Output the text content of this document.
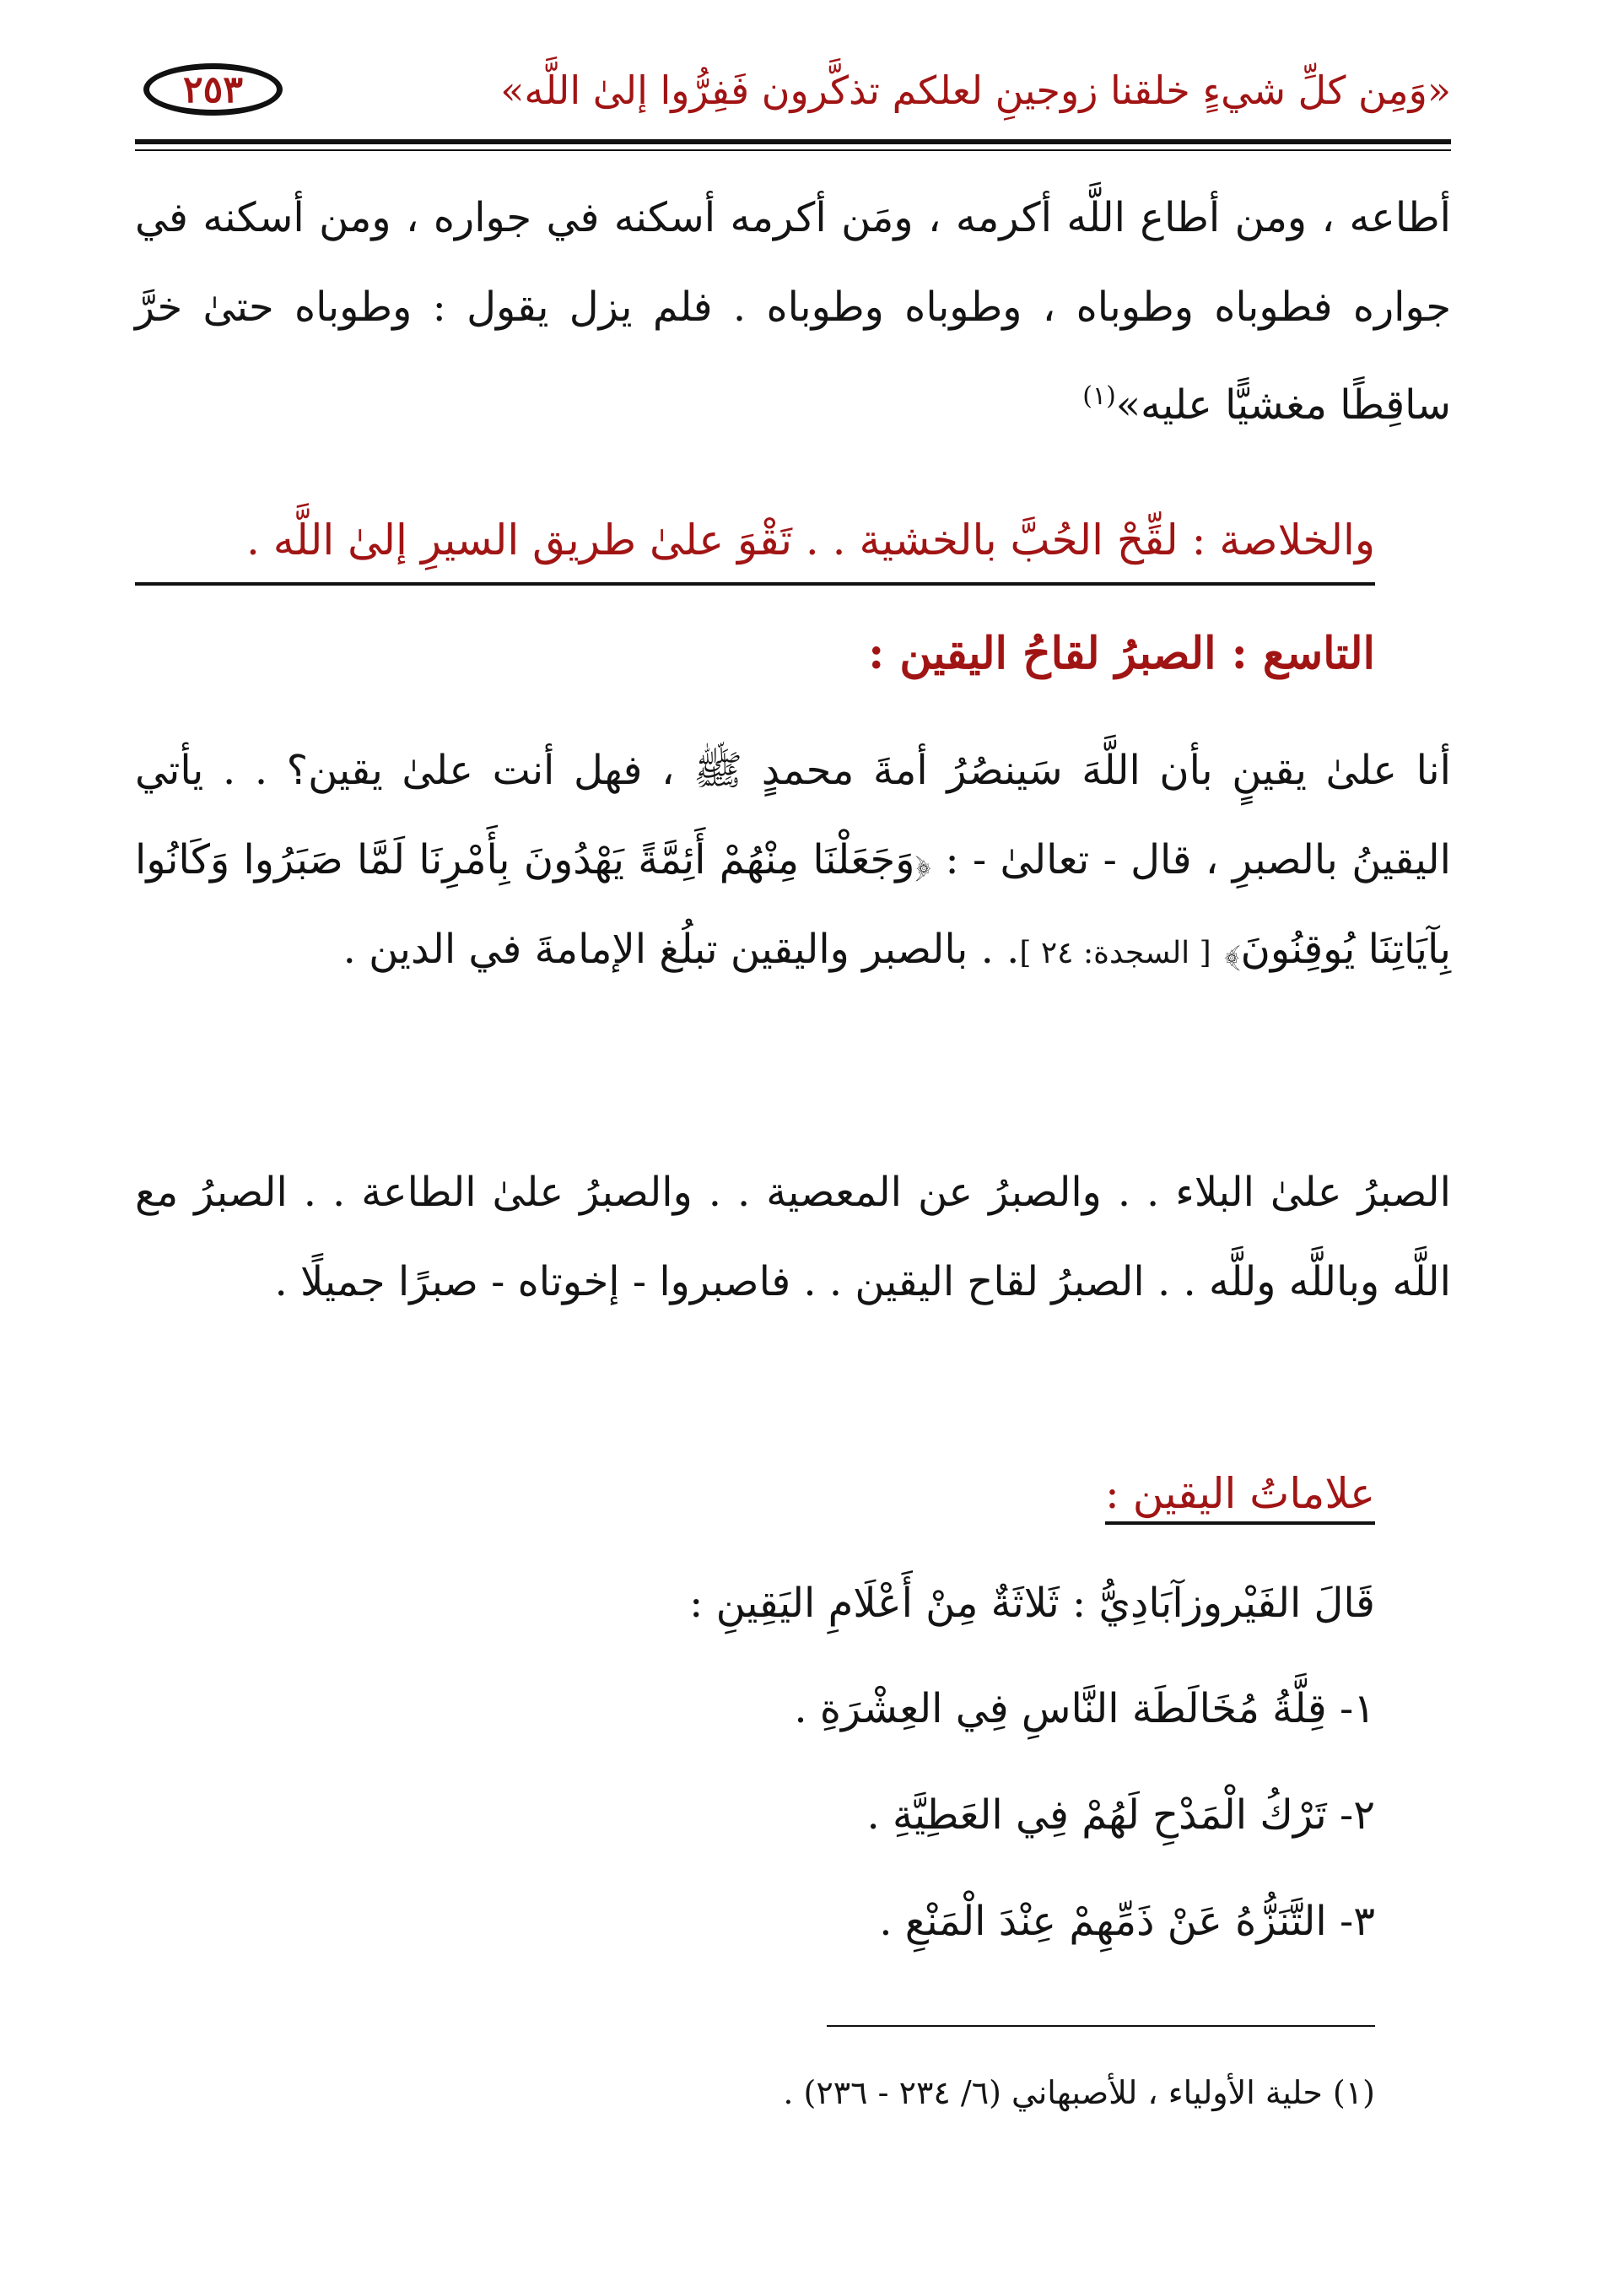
٢٥٣	«وَمِن كلِّ شيءٍ خلقنا زوجينِ لعلكم تذكَّرون فَفِرُّوا إلىٰ اللَّه»
أطاعه ، ومن أطاع اللَّه أكرمه ، ومَن أكرمه أسكنه في جواره ، ومن أسكنه في جواره فطوباه وطوباه ، وطوباه وطوباه . فلم يزل يقول : وطوباه حتىٰ خرَّ ساقِطًا مغشيًّا عليه»$^{(١)}$
والخلاصة : لقِّحْ الحُبَّ بالخشية . . تَقْوَ علىٰ طريق السيرِ إلىٰ اللَّه .
التاسع : الصبرُ لقاحُ اليقين :
أنا علىٰ يقينٍ بأن اللَّهَ سَينصُرُ أمةَ محمدٍ ﷺ ، فهل أنت علىٰ يقين؟ . . يأتي اليقينُ بالصبرِ ، قال - تعالىٰ - : ﴿وَجَعَلْنَا مِنْهُمْ أَئِمَّةً يَهْدُونَ بِأَمْرِنَا لَمَّا صَبَرُوا وَكَانُوا بِآيَاتِنَا يُوقِنُونَ﴾ [ السجدة: ٢٤ ]. . بالصبر واليقين تبلُغ الإمامةَ في الدين .
الصبرُ علىٰ البلاء . . والصبرُ عن المعصية . . والصبرُ علىٰ الطاعة . . الصبرُ مع اللَّه وباللَّه وللَّه . . الصبرُ لقاح اليقين . . فاصبروا - إخوتاه - صبرًا جميلًا .
علاماتُ اليقين :
قَالَ الفَيْروزآبَادِيُّ : ثَلاثَةٌ مِنْ أَعْلَامِ اليَقِينِ :
١- قِلَّةُ مُخَالَطَة النَّاسِ فِي العِشْرَةِ .
٢- تَرْكُ الْمَدْحِ لَهُمْ فِي العَطِيَّةِ .
٣- التَّنَزُّهُ عَنْ ذَمِّهِمْ عِنْدَ الْمَنْعِ .
(١) حلية الأولياء ، للأصبهاني (٦/ ٢٣٤ - ٢٣٦) .
